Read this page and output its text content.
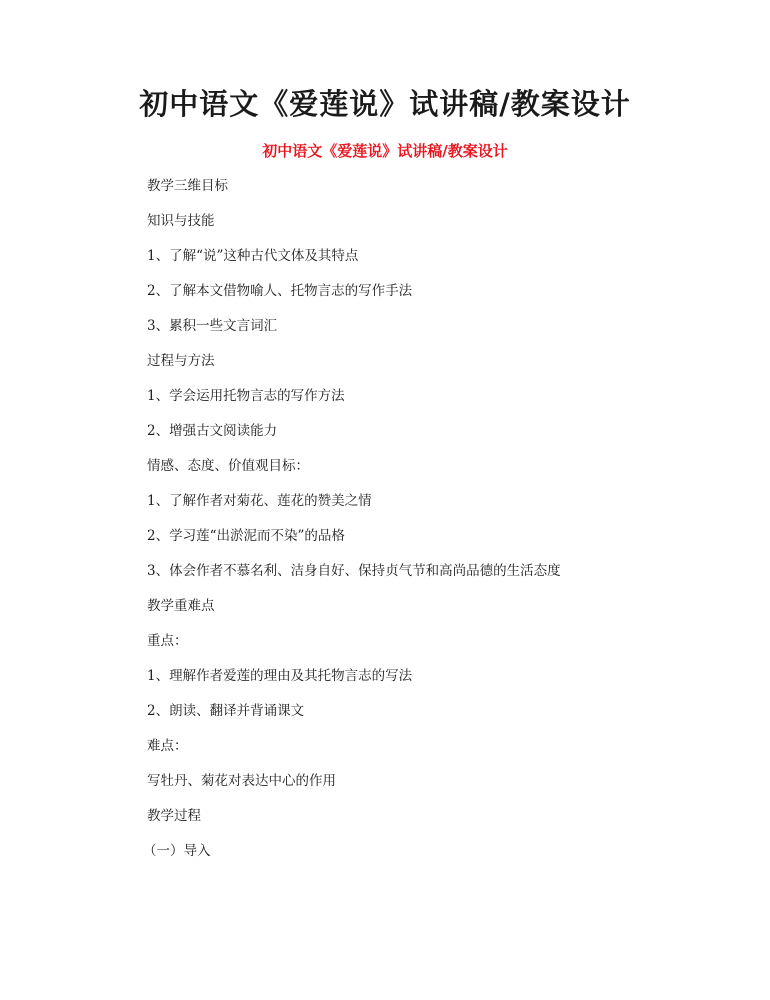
初中语文《爱莲说》试讲稿/教案设计
初中语文《爱莲说》试讲稿/教案设计
教学三维目标
知识与技能
1、了解“说”这种古代文体及其特点
2、了解本文借物喻人、托物言志的写作手法
3、累积一些文言词汇
过程与方法
1、学会运用托物言志的写作方法
2、增强古文阅读能力
情感、态度、价值观目标：
1、了解作者对菊花、莲花的赞美之情
2、学习莲“出淤泥而不染”的品格
3、体会作者不慕名利、洁身自好、保持贞气节和高尚品德的生活态度
教学重难点
重点：
1、理解作者爱莲的理由及其托物言志的写法
2、朗读、翻译并背诵课文
难点：
写牡丹、菊花对表达中心的作用
教学过程
（一）导入
